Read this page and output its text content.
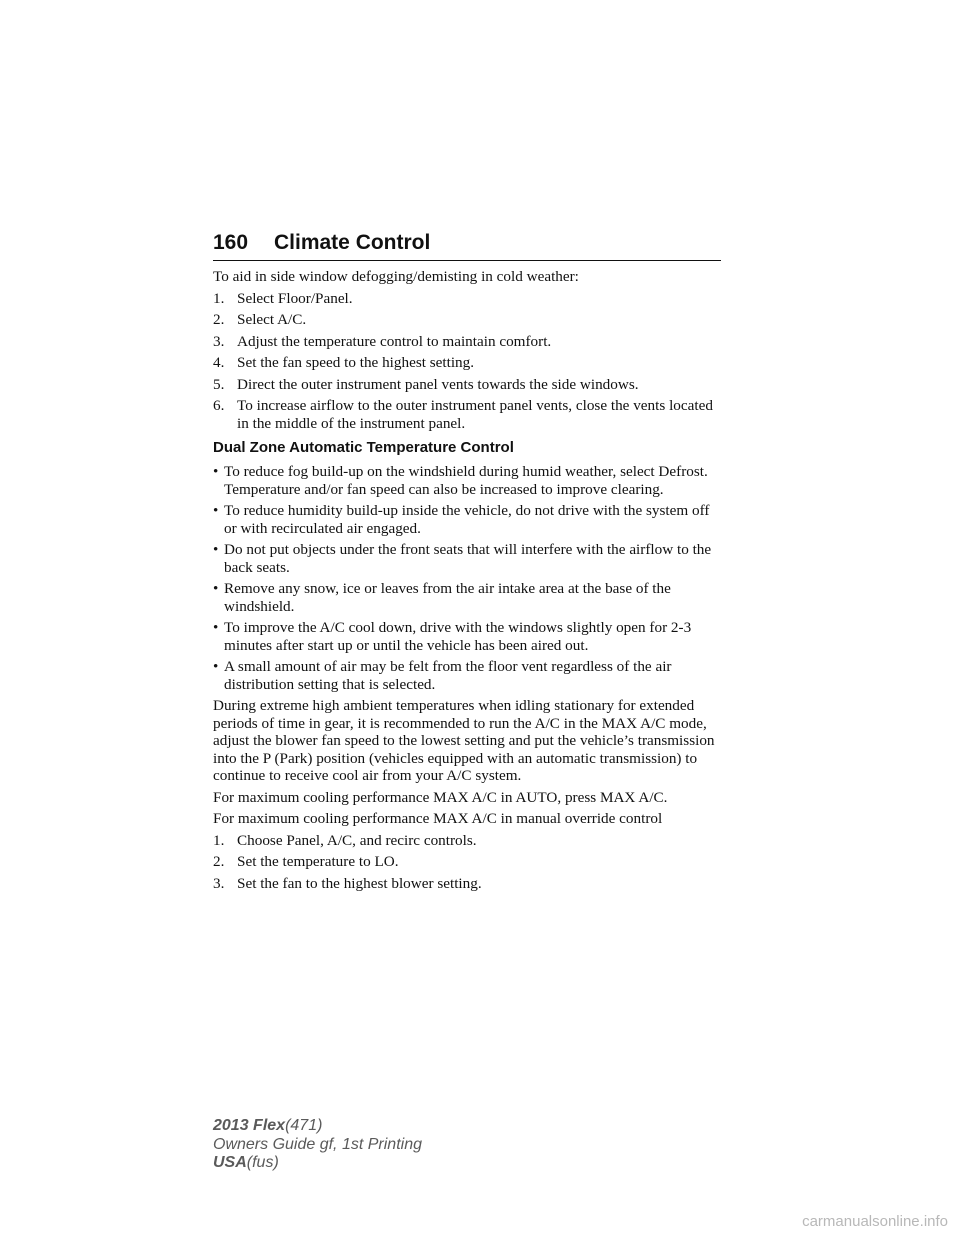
160 Climate Control

To aid in side window defogging/demisting in cold weather:

1. Select Floor/Panel.
2. Select A/C.
3. Adjust the temperature control to maintain comfort.
4. Set the fan speed to the highest setting.
5. Direct the outer instrument panel vents towards the side windows.
6. To increase airflow to the outer instrument panel vents, close the vents located in the middle of the instrument panel.
Dual Zone Automatic Temperature Control
• To reduce fog build-up on the windshield during humid weather, select Defrost. Temperature and/or fan speed can also be increased to improve clearing.
• To reduce humidity build-up inside the vehicle, do not drive with the system off or with recirculated air engaged.
• Do not put objects under the front seats that will interfere with the airflow to the back seats.
• Remove any snow, ice or leaves from the air intake area at the base of the windshield.
• To improve the A/C cool down, drive with the windows slightly open for 2-3 minutes after start up or until the vehicle has been aired out.
• A small amount of air may be felt from the floor vent regardless of the air distribution setting that is selected.

During extreme high ambient temperatures when idling stationary for extended periods of time in gear, it is recommended to run the A/C in the MAX A/C mode, adjust the blower fan speed to the lowest setting and put the vehicle’s transmission into the P (Park) position (vehicles equipped with an automatic transmission) to continue to receive cool air from your A/C system.

For maximum cooling performance MAX A/C in AUTO, press MAX A/C.

For maximum cooling performance MAX A/C in manual override control

1. Choose Panel, A/C, and recirc controls.
2. Set the temperature to LO.
3. Set the fan to the highest blower setting.
2013 Flex(471)
Owners Guide gf, 1st Printing
USA(fus)
carmanualsonline.info
